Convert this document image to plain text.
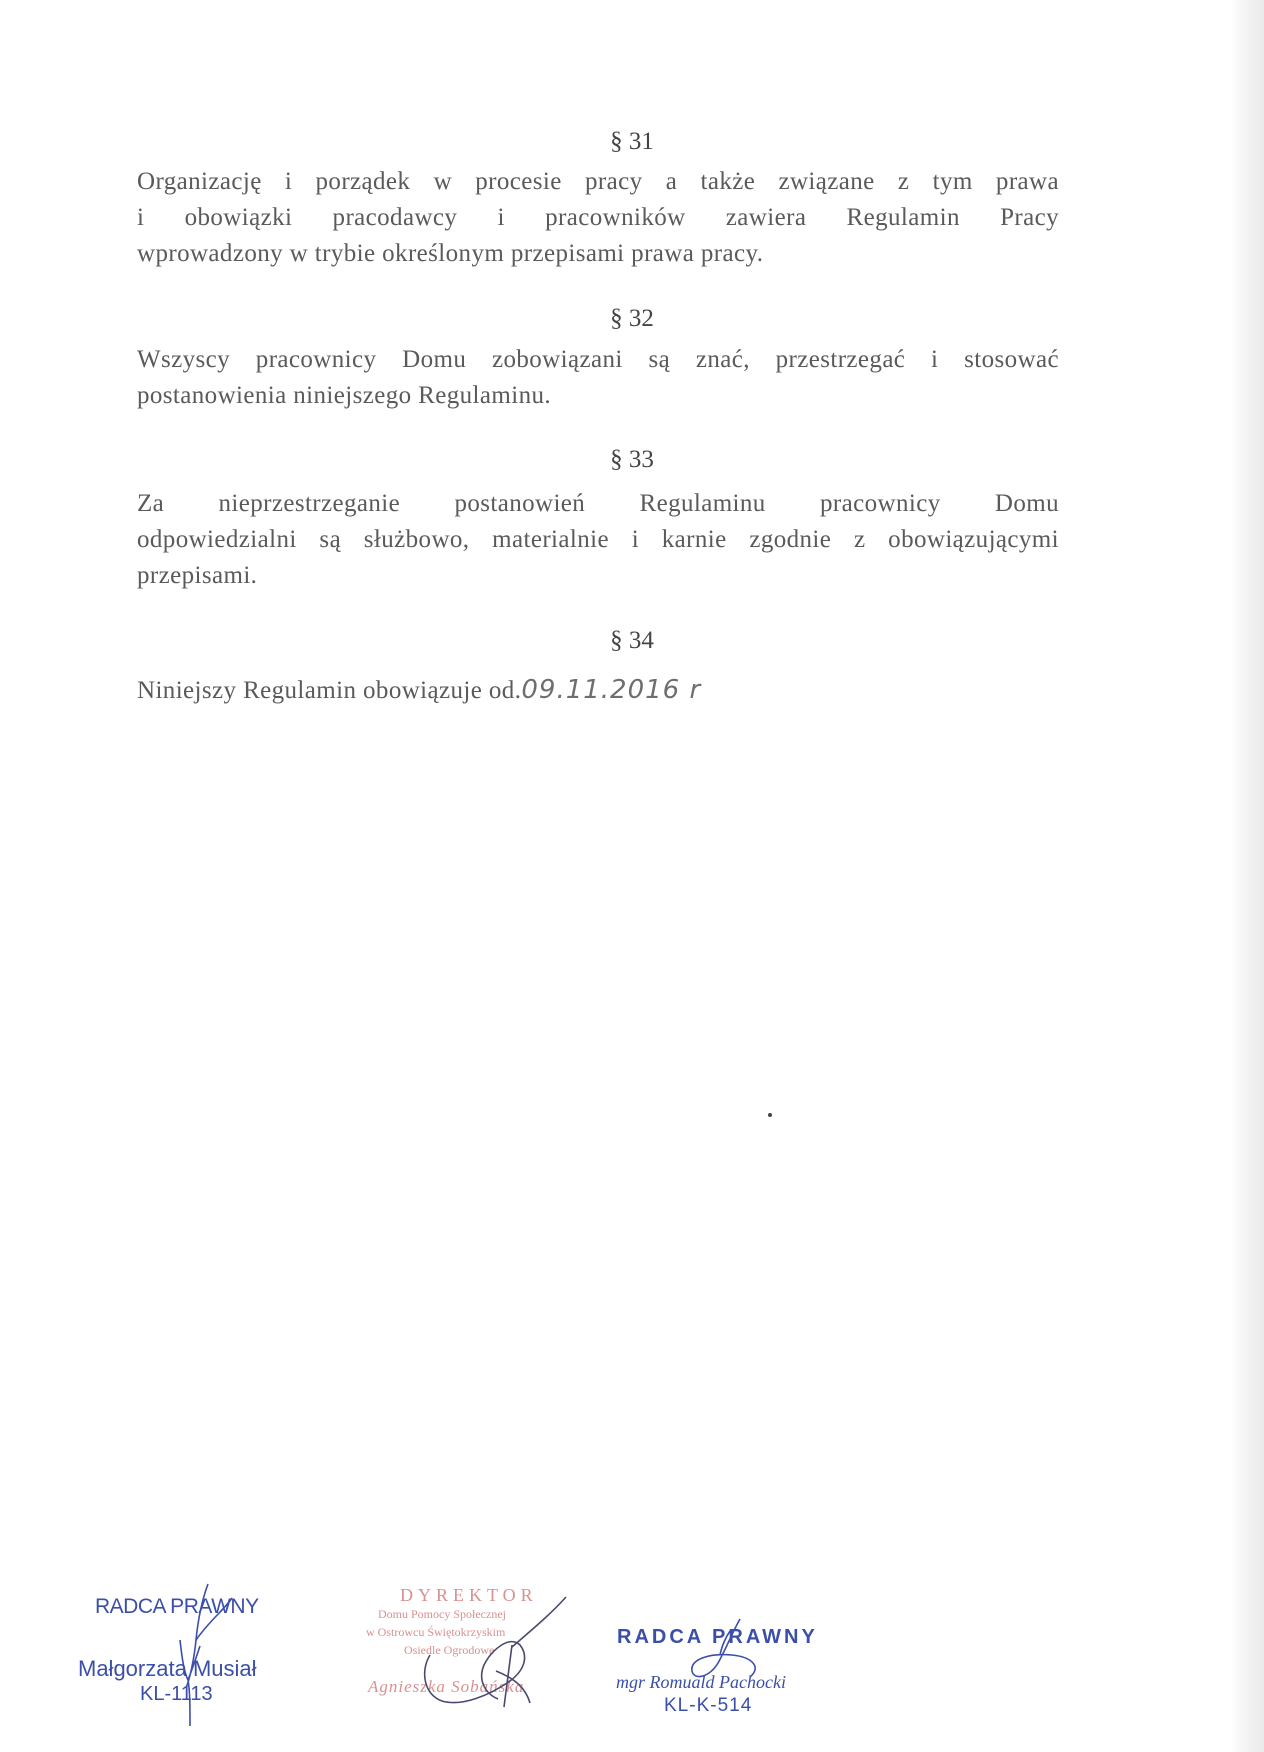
§ 31
Organizację i porządek w procesie pracy a także związane z tym prawa
i obowiązki pracodawcy i pracowników zawiera Regulamin Pracy
wprowadzony w trybie określonym przepisami prawa pracy.
§ 32
Wszyscy pracownicy Domu zobowiązani są znać, przestrzegać i stosować
postanowienia niniejszego Regulaminu.
§ 33
Za nieprzestrzeganie postanowień Regulaminu pracownicy Domu
odpowiedzialni są służbowo, materialnie i karnie zgodnie z obowiązującymi
przepisami.
§ 34
Niniejszy Regulamin obowiązuje od.09.11.2016 r
RADCA PRAWNY
Małgorzata Musiał
KL-1113
DYREKTOR
Domu Pomocy Społecznej
w Ostrowcu Świętokrzyskim
Osiedle Ogrodowe
Agnieszka Sobańska
RADCA PRAWNY
mgr Romuald Pachocki
KL-K-514
